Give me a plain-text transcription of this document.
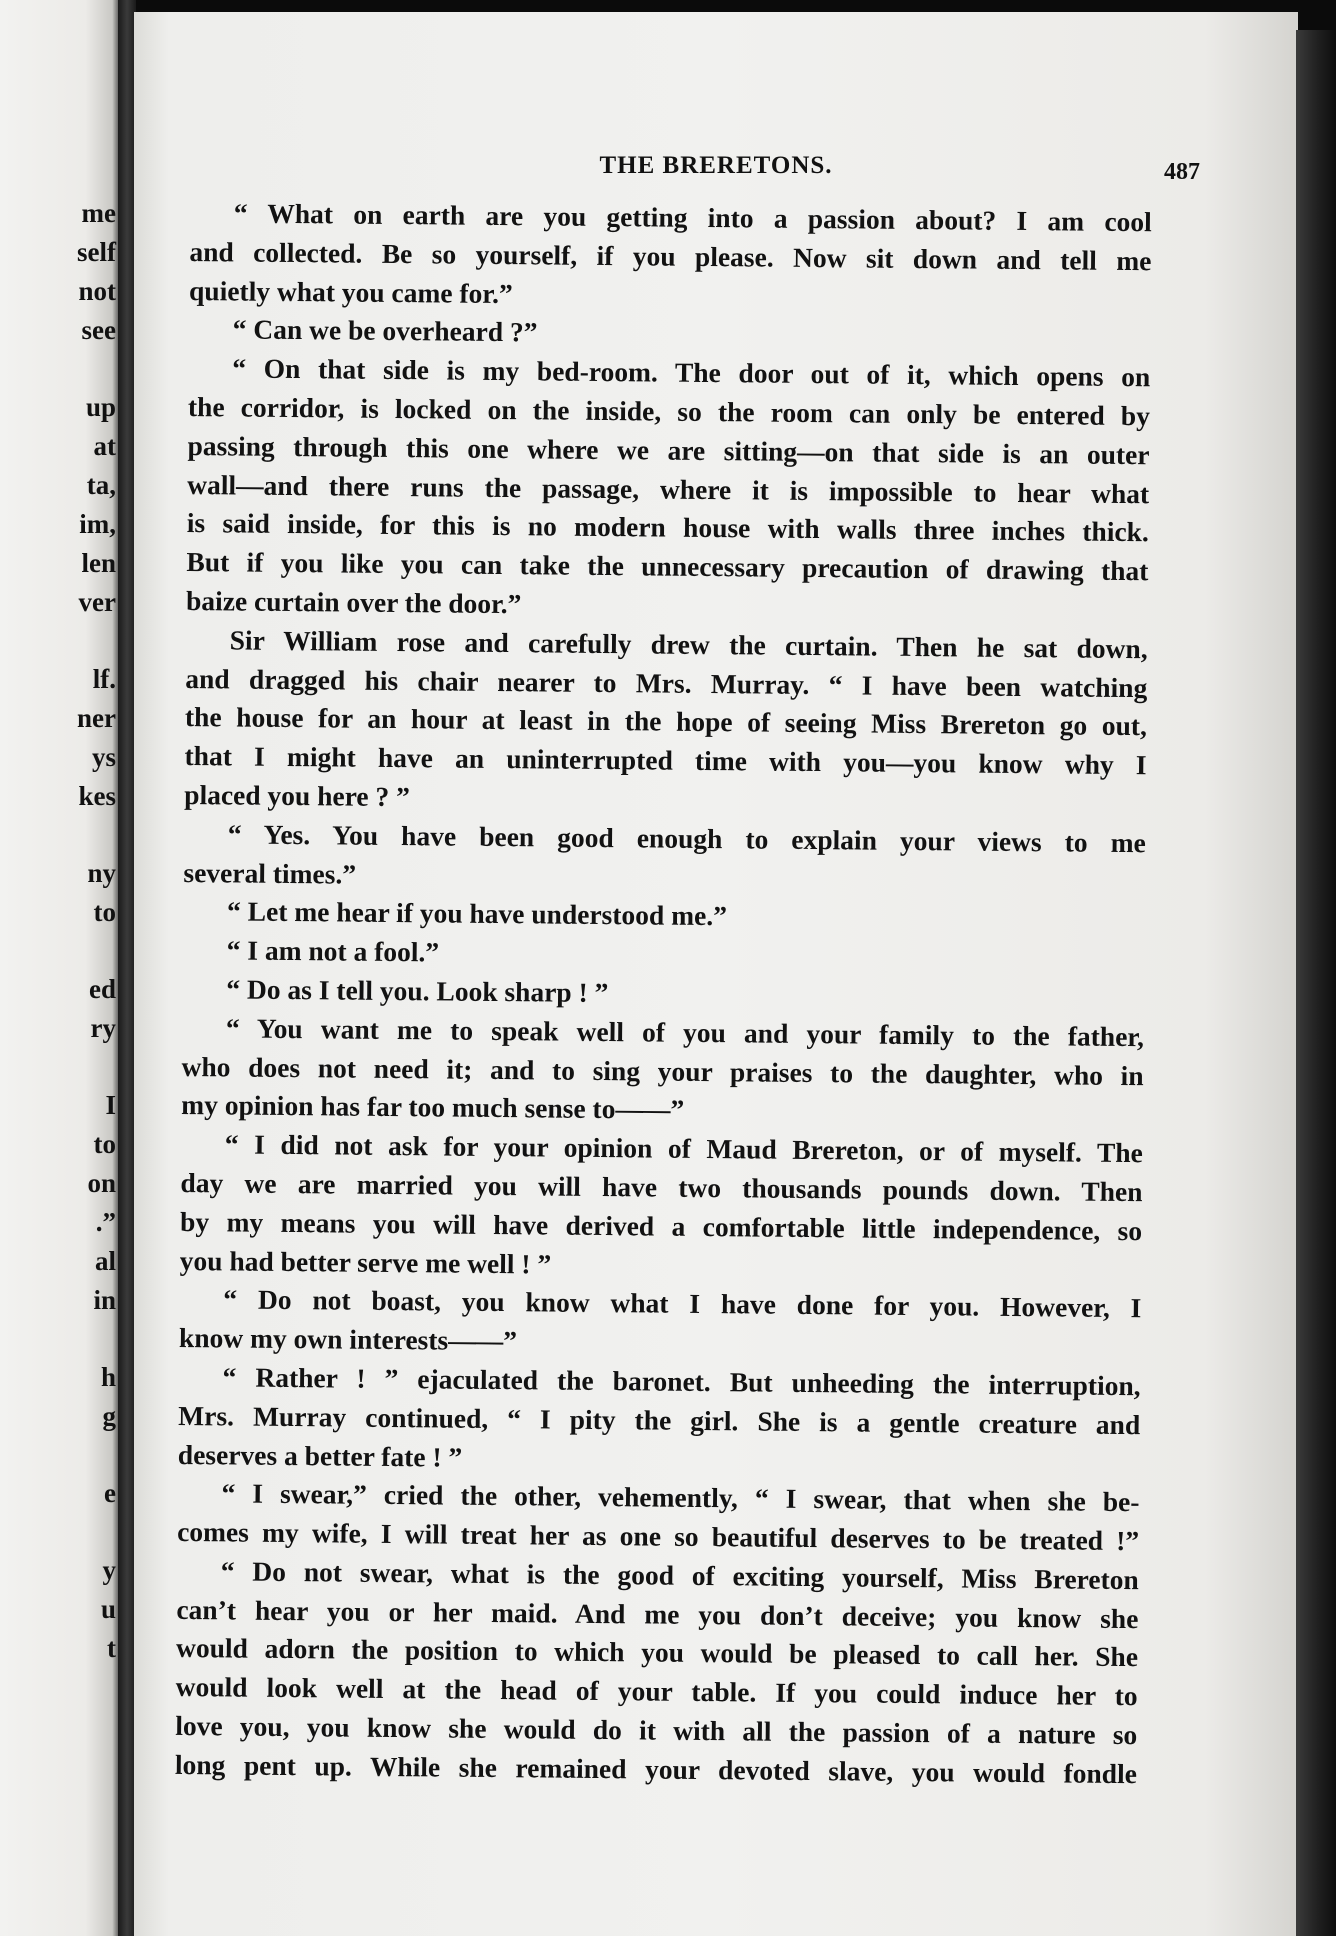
me
self
not
see
up
at
ta,
im,
len
ver
lf.
ner
ys
kes
ny
to
ed
ry
I
to
on
.”
al
in
h
g
e
y
u
t
THE BRERETONS.	487
“ What on earth are you getting into a passion about? I am cool
and collected. Be so yourself, if you please. Now sit down and tell me
quietly what you came for.”
“ Can we be overheard ?”
“ On that side is my bed-room. The door out of it, which opens on
the corridor, is locked on the inside, so the room can only be entered by
passing through this one where we are sitting—on that side is an outer
wall—and there runs the passage, where it is impossible to hear what
is said inside, for this is no modern house with walls three inches thick.
But if you like you can take the unnecessary precaution of drawing that
baize curtain over the door.”
Sir William rose and carefully drew the curtain. Then he sat down,
and dragged his chair nearer to Mrs. Murray. “ I have been watching
the house for an hour at least in the hope of seeing Miss Brereton go out,
that I might have an uninterrupted time with you—you know why I
placed you here ? ”
“ Yes. You have been good enough to explain your views to me
several times.”
“ Let me hear if you have understood me.”
“ I am not a fool.”
“ Do as I tell you. Look sharp ! ”
“ You want me to speak well of you and your family to the father,
who does not need it; and to sing your praises to the daughter, who in
my opinion has far too much sense to——”
“ I did not ask for your opinion of Maud Brereton, or of myself. The
day we are married you will have two thousands pounds down. Then
by my means you will have derived a comfortable little independence, so
you had better serve me well ! ”
“ Do not boast, you know what I have done for you. However, I
know my own interests——”
“ Rather ! ” ejaculated the baronet. But unheeding the interruption,
Mrs. Murray continued, “ I pity the girl. She is a gentle creature and
deserves a better fate ! ”
“ I swear,” cried the other, vehemently, “ I swear, that when she be-
comes my wife, I will treat her as one so beautiful deserves to be treated !”
“ Do not swear, what is the good of exciting yourself, Miss Brereton
can’t hear you or her maid. And me you don’t deceive; you know she
would adorn the position to which you would be pleased to call her. She
would look well at the head of your table. If you could induce her to
love you, you know she would do it with all the passion of a nature so
long pent up. While she remained your devoted slave, you would fondle
